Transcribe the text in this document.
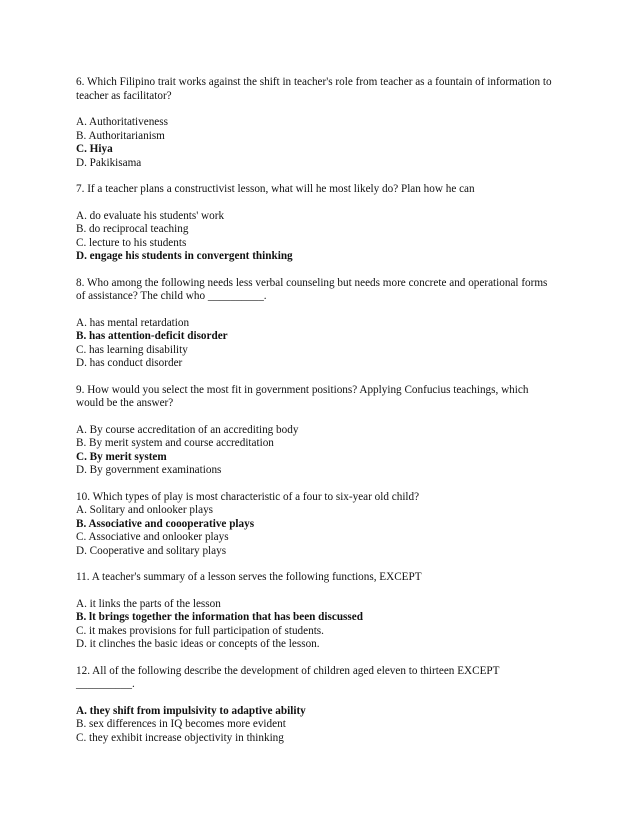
6. Which Filipino trait works against the shift in teacher's role from teacher as a fountain of information to
teacher as facilitator?
A. Authoritativeness
B. Authoritarianism
C. Hiya
D. Pakikisama
7. If a teacher plans a constructivist lesson, what will he most likely do? Plan how he can
A. do evaluate his students' work
B. do reciprocal teaching
C. lecture to his students
D. engage his students in convergent thinking
8. Who among the following needs less verbal counseling but needs more concrete and operational forms
of assistance? The child who __________.
A. has mental retardation
B. has attention-deficit disorder
C. has learning disability
D. has conduct disorder
9. How would you select the most fit in government positions? Applying Confucius teachings, which
would be the answer?
A. By course accreditation of an accrediting body
B. By merit system and course accreditation
C. By merit system
D. By government examinations
10. Which types of play is most characteristic of a four to six-year old child?
A. Solitary and onlooker plays
B. Associative and coooperative plays
C. Associative and onlooker plays
D. Cooperative and solitary plays
11. A teacher's summary of a lesson serves the following functions, EXCEPT
A. it links the parts of the lesson
B. lt brings together the information that has been discussed
C. it makes provisions for full participation of students.
D. it clinches the basic ideas or concepts of the lesson.
12. All of the following describe the development of children aged eleven to thirteen EXCEPT
__________.
A. they shift from impulsivity to adaptive ability
B. sex differences in IQ becomes more evident
C. they exhibit increase objectivity in thinking
